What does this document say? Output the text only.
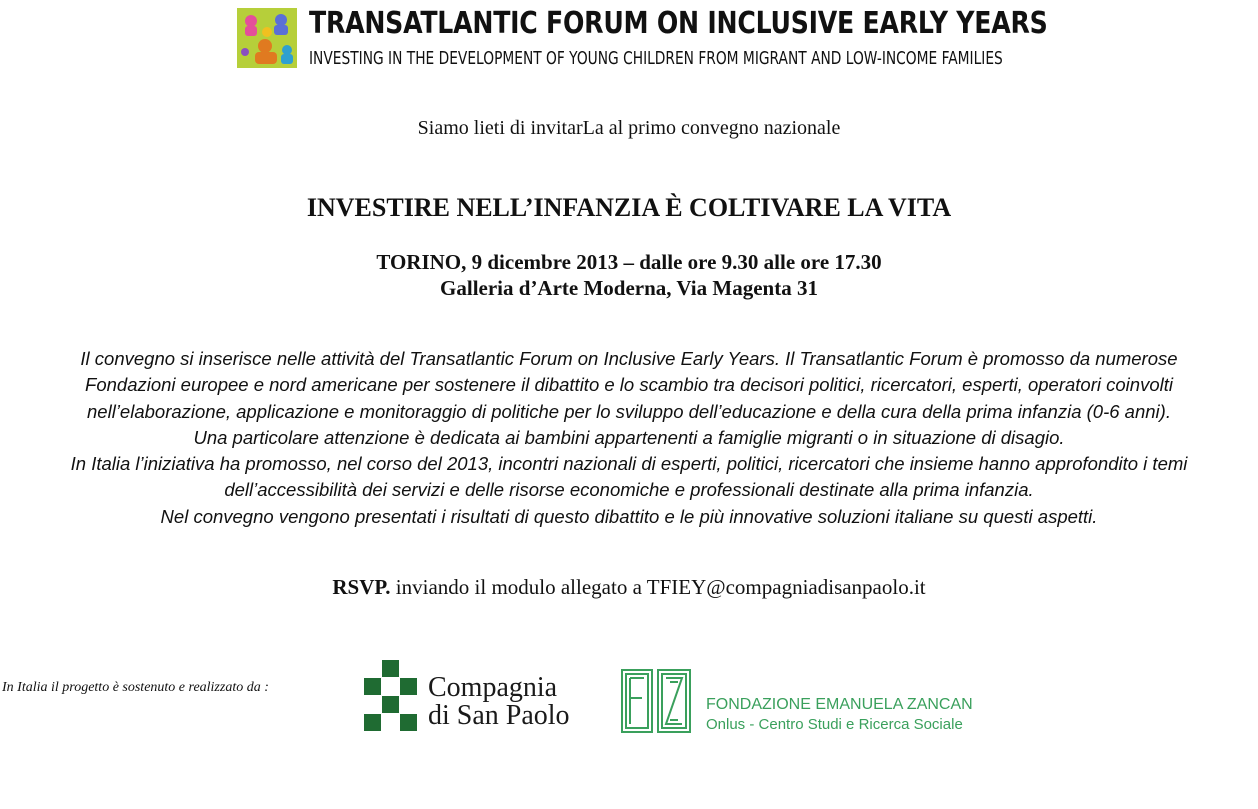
TRANSATLANTIC FORUM ON INCLUSIVE EARLY YEARS
INVESTING IN THE DEVELOPMENT OF YOUNG CHILDREN FROM MIGRANT AND LOW-INCOME FAMILIES
Siamo lieti di invitarLa al primo convegno nazionale
INVESTIRE NELL’INFANZIA È COLTIVARE LA VITA
TORINO, 9 dicembre 2013 – dalle ore 9.30 alle ore 17.30
Galleria d’Arte Moderna, Via Magenta 31
Il convegno si inserisce nelle attività del Transatlantic Forum on Inclusive Early Years. Il Transatlantic Forum è promosso da numerose
Fondazioni europee e nord americane per sostenere il dibattito e lo scambio tra decisori politici, ricercatori, esperti, operatori coinvolti
nell’elaborazione, applicazione e monitoraggio di politiche per lo sviluppo dell’educazione e della cura della prima infanzia (0-6 anni).
Una particolare attenzione è dedicata ai bambini appartenenti a famiglie migranti o in situazione di disagio.
In Italia l’iniziativa ha promosso, nel corso del 2013, incontri nazionali di esperti, politici, ricercatori che insieme hanno approfondito i temi
dell’accessibilità dei servizi e delle risorse economiche e professionali destinate alla prima infanzia.
Nel convegno vengono presentati i risultati di questo dibattito e le più innovative soluzioni italiane su questi aspetti.
RSVP. inviando il modulo allegato a TFIEY@compagniadisanpaolo.it
In Italia il progetto è sostenuto e realizzato da :	Compagnia
di San Paolo	FONDAZIONE EMANUELA ZANCAN
Onlus - Centro Studi e Ricerca Sociale
